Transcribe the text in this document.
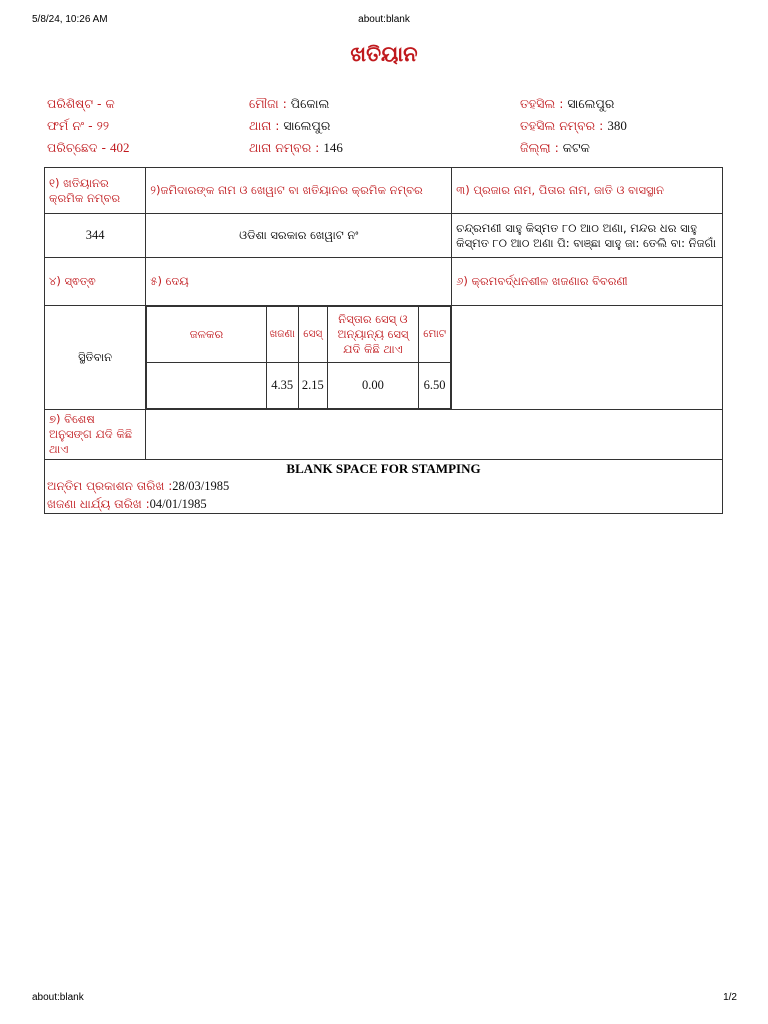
5/8/24, 10:26 AM	about:blank
ଖତିୟାନ
ପରିଶିଷ୍ଟ - କ	ମୌଜା : ପିକୋଲ	ତହସିଲ : ସାଲେପୁର
ଫର୍ମ ନଂ - ୨୨	ଥାନା : ସାଲେପୁର	ତହସିଲ ନମ୍ବର : 380
ପରିଚ୍ଛେଦ - 402	ଥାନା ନମ୍ବର : 146	ଜିଲ୍ଲା : କଟକ
୧) ଖତିୟାନର କ୍ରମିକ ନମ୍ବର	୨)ଜମିଦାରଙ୍କ ନାମ ଓ ଖେୱାଟ ବା ଖତିୟାନର କ୍ରମିକ ନମ୍ବର	୩) ପ୍ରଜାର ନାମ, ପିତାର ନାମ, ଜାତି ଓ ବାସସ୍ଥାନ
344	ଓଡିଶା ସରକାର ଖେୱାଟ ନଂ	ଚନ୍ଦ୍ରମଣୀ ସାହୁ କିସ୍ମତ ୮୦ ଆଠ ଅଣା, ମନ୍ଦର ଧର ସାହୁ କିସ୍ମତ ୮୦ ଆଠ ଅଣା ପି: ବାଞ୍ଛା ସାହୁ ଜା: ତେଲି ବା: ନିଜଗାଁ
୪) ସ୍ଵତ୍ଵ	୫) ଦେୟ	୬) କ୍ରମବର୍ଦ୍ଧନଶୀଳ ଖଜଣାର ବିବରଣୀ
ସ୍ଥିତିବାନ	
ଜଳକର	ଖଜଣା	ସେସ୍	ନିସ୍ତାର ସେସ୍ ଓ ଅନ୍ୟାନ୍ୟ ସେସ୍ ଯଦି କିଛି ଥାଏ	ମୋଟ
	4.35	2.15	0.00	6.50

୭) ବିଶେଷ ଅନୁସଙ୍ଗ ଯଦି କିଛି ଥାଏ	

BLANK SPACE FOR STAMPING
ଅନ୍ତିମ ପ୍ରକାଶନ ତାରିଖ :28/03/1985
ଖଜଣା ଧାର୍ଯ୍ୟ ତାରିଖ :04/01/1985
about:blank	1/2
